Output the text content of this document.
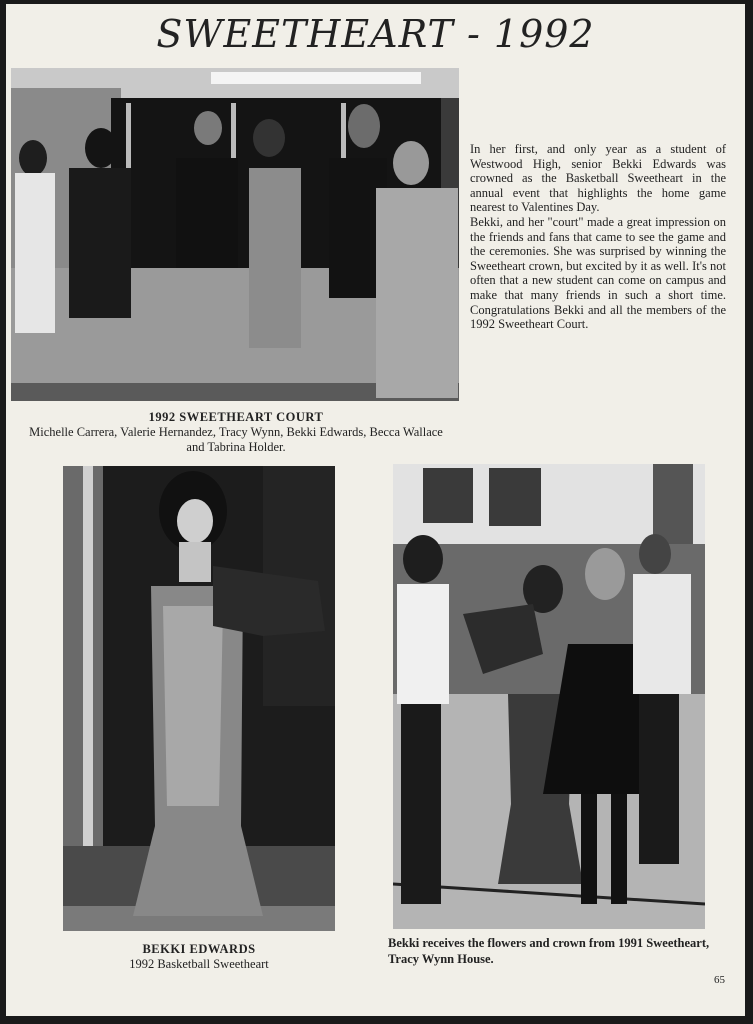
SWEETHEART - 1992

In her first, and only year as a student of Westwood High, senior Bekki Edwards was crowned as the Basketball Sweetheart in the annual event that highlights the home game nearest to Valentines Day.

Bekki, and her "court" made a great impression on the friends and fans that came to see the game and the ceremonies. She was surprised by winning the Sweetheart crown, but excited by it as well. It's not often that a new student can come on campus and make that many friends in such a short time. Congratulations Bekki and all the members of the 1992 Sweetheart Court.

1992 SWEETHEART COURT
Michelle Carrera, Valerie Hernandez, Tracy Wynn, Bekki Edwards, Becca Wallace and Tabrina Holder.
BEKKI EDWARDS
1992 Basketball Sweetheart
Bekki receives the flowers and crown from 1991 Sweetheart, Tracy Wynn House.
65
